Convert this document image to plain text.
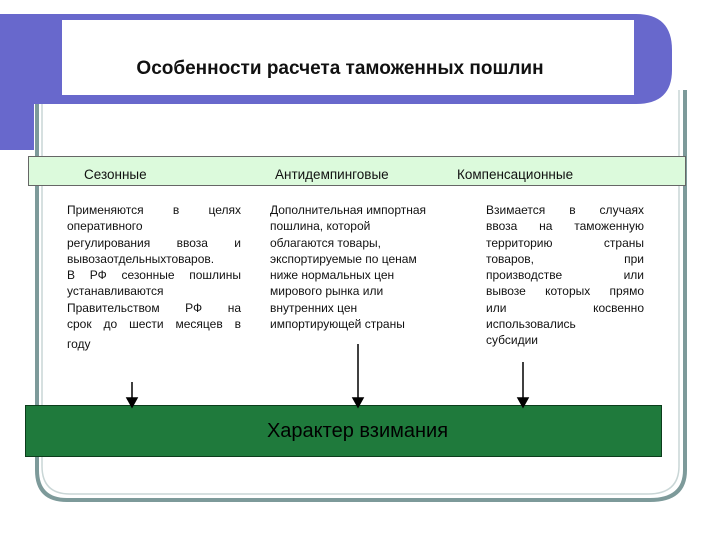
Особенности расчета таможенных пошлин
Сезонные	Антидемпинговые	Компенсационные
Применяются в целях
оперативного
регулирования ввоза и
вывозаотдельныхтоваров.
В РФ сезонные пошлины
устанавливаются
Правительством РФ на
срок до шести месяцев в
году
Дополнительная импортная
пошлина, которой
облагаются товары,
экспортируемые по ценам
ниже нормальных цен
мирового рынка или
внутренних цен
импортирующей страны
Взимается в случаях
ввоза на таможенную
территорию страны
товаров, при
производстве или
вывозе которых прямо
или косвенно
использовались
субсидии
Характер взимания
